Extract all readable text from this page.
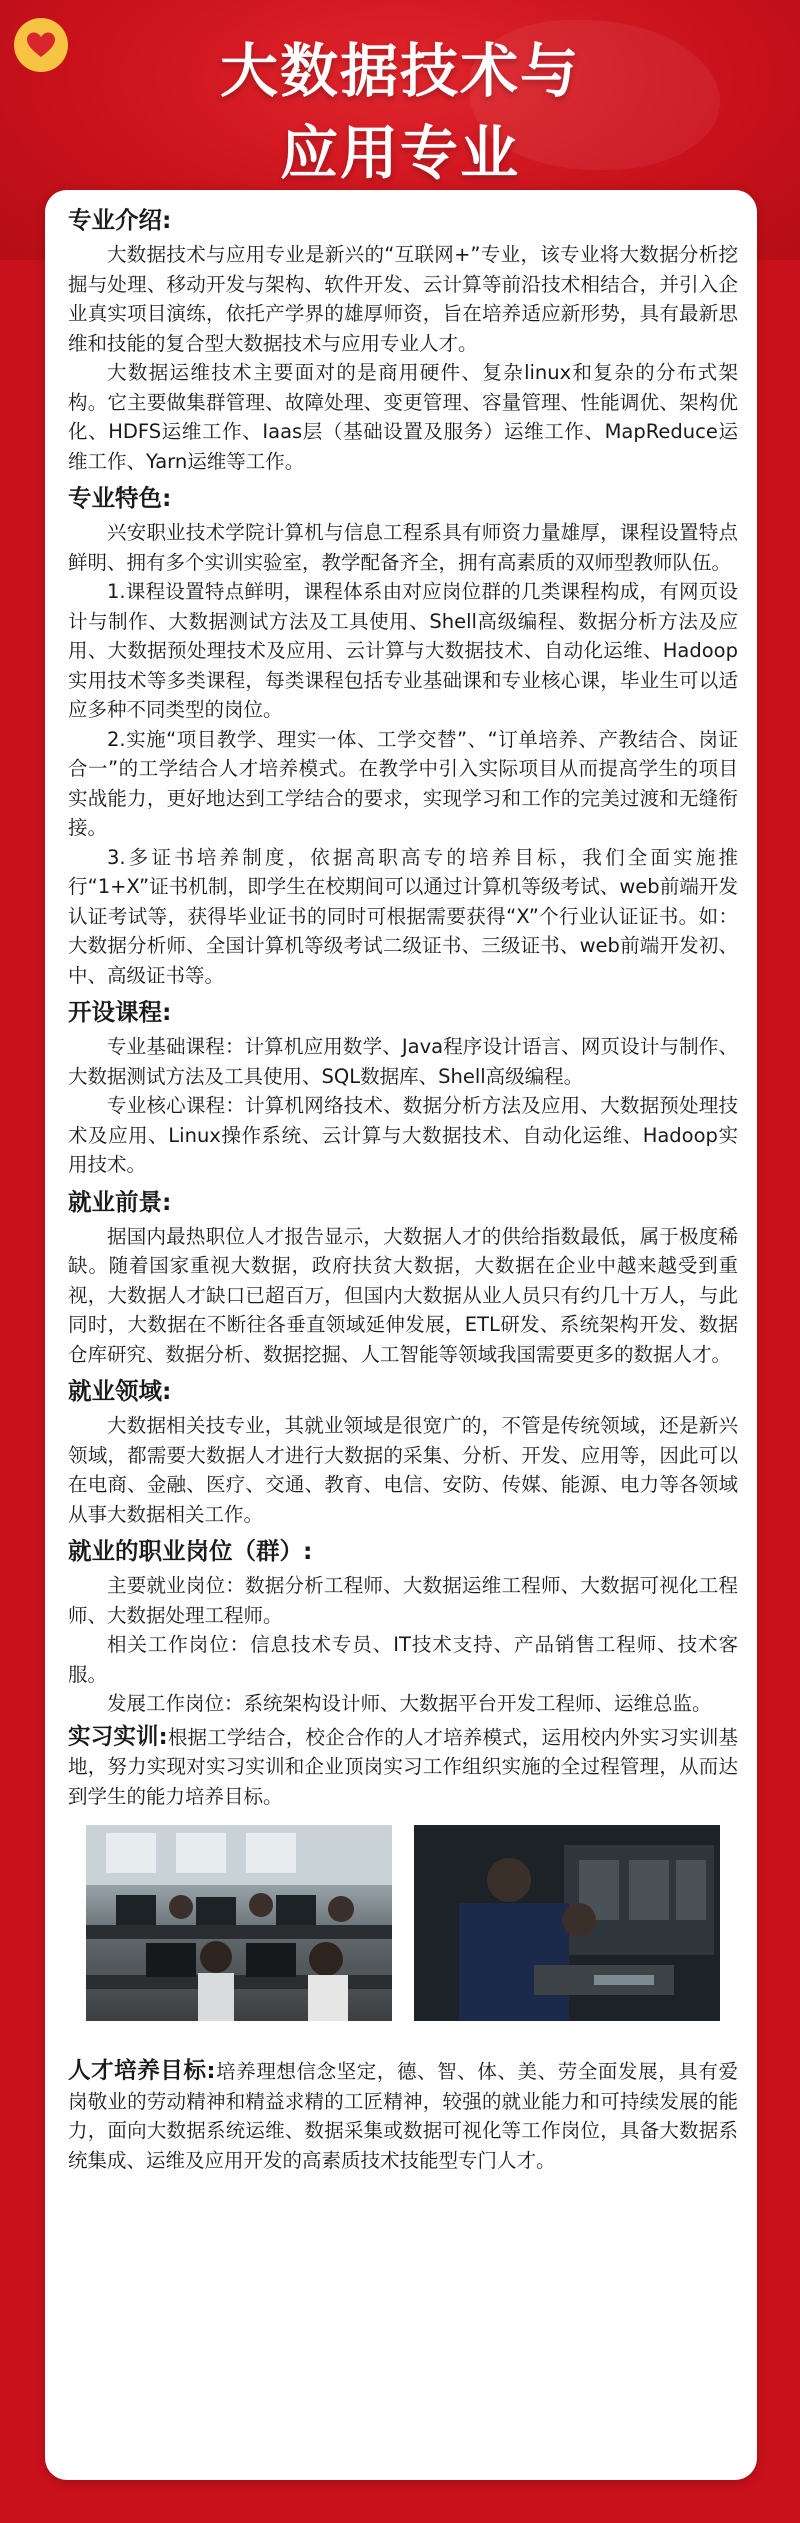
大数据技术与
应用专业
专业介绍:

大数据技术与应用专业是新兴的“互联网+”专业，该专业将大数据分析挖掘与处理、移动开发与架构、软件开发、云计算等前沿技术相结合，并引入企业真实项目演练，依托产学界的雄厚师资，旨在培养适应新形势，具有最新思维和技能的复合型大数据技术与应用专业人才。

大数据运维技术主要面对的是商用硬件、复杂linux和复杂的分布式架构。它主要做集群管理、故障处理、变更管理、容量管理、性能调优、架构优化、HDFS运维工作、Iaas层（基础设置及服务）运维工作、MapReduce运维工作、Yarn运维等工作。

专业特色:

兴安职业技术学院计算机与信息工程系具有师资力量雄厚，课程设置特点鲜明、拥有多个实训实验室，教学配备齐全，拥有高素质的双师型教师队伍。

1.课程设置特点鲜明，课程体系由对应岗位群的几类课程构成，有网页设计与制作、大数据测试方法及工具使用、Shell高级编程、数据分析方法及应用、大数据预处理技术及应用、云计算与大数据技术、自动化运维、Hadoop实用技术等多类课程，每类课程包括专业基础课和专业核心课，毕业生可以适应多种不同类型的岗位。

2.实施“项目教学、理实一体、工学交替”、“订单培养、产教结合、岗证合一”的工学结合人才培养模式。在教学中引入实际项目从而提高学生的项目实战能力，更好地达到工学结合的要求，实现学习和工作的完美过渡和无缝衔接。

3.多证书培养制度，依据高职高专的培养目标，我们全面实施推行“1+X”证书机制，即学生在校期间可以通过计算机等级考试、web前端开发认证考试等，获得毕业证书的同时可根据需要获得“X”个行业认证证书。如：大数据分析师、全国计算机等级考试二级证书、三级证书、web前端开发初、中、高级证书等。

开设课程:

专业基础课程：计算机应用数学、Java程序设计语言、网页设计与制作、大数据测试方法及工具使用、SQL数据库、Shell高级编程。

专业核心课程：计算机网络技术、数据分析方法及应用、大数据预处理技术及应用、Linux操作系统、云计算与大数据技术、自动化运维、Hadoop实用技术。

就业前景:

据国内最热职位人才报告显示，大数据人才的供给指数最低，属于极度稀缺。随着国家重视大数据，政府扶贫大数据，大数据在企业中越来越受到重视，大数据人才缺口已超百万，但国内大数据从业人员只有约几十万人，与此同时，大数据在不断往各垂直领域延伸发展，ETL研发、系统架构开发、数据仓库研究、数据分析、数据挖掘、人工智能等领域我国需要更多的数据人才。

就业领域:

大数据相关技专业，其就业领域是很宽广的，不管是传统领域，还是新兴领域，都需要大数据人才进行大数据的采集、分析、开发、应用等，因此可以在电商、金融、医疗、交通、教育、电信、安防、传媒、能源、电力等各领域从事大数据相关工作。

就业的职业岗位（群）:

主要就业岗位：数据分析工程师、大数据运维工程师、大数据可视化工程师、大数据处理工程师。

相关工作岗位：信息技术专员、IT技术支持、产品销售工程师、技术客服。

发展工作岗位：系统架构设计师、大数据平台开发工程师、运维总监。

实习实训:根据工学结合，校企合作的人才培养模式，运用校内外实习实训基地，努力实现对实习实训和企业顶岗实习工作组织实施的全过程管理，从而达到学生的能力培养目标。

人才培养目标:培养理想信念坚定，德、智、体、美、劳全面发展，具有爱岗敬业的劳动精神和精益求精的工匠精神，较强的就业能力和可持续发展的能力，面向大数据系统运维、数据采集或数据可视化等工作岗位，具备大数据系统集成、运维及应用开发的高素质技术技能型专门人才。
